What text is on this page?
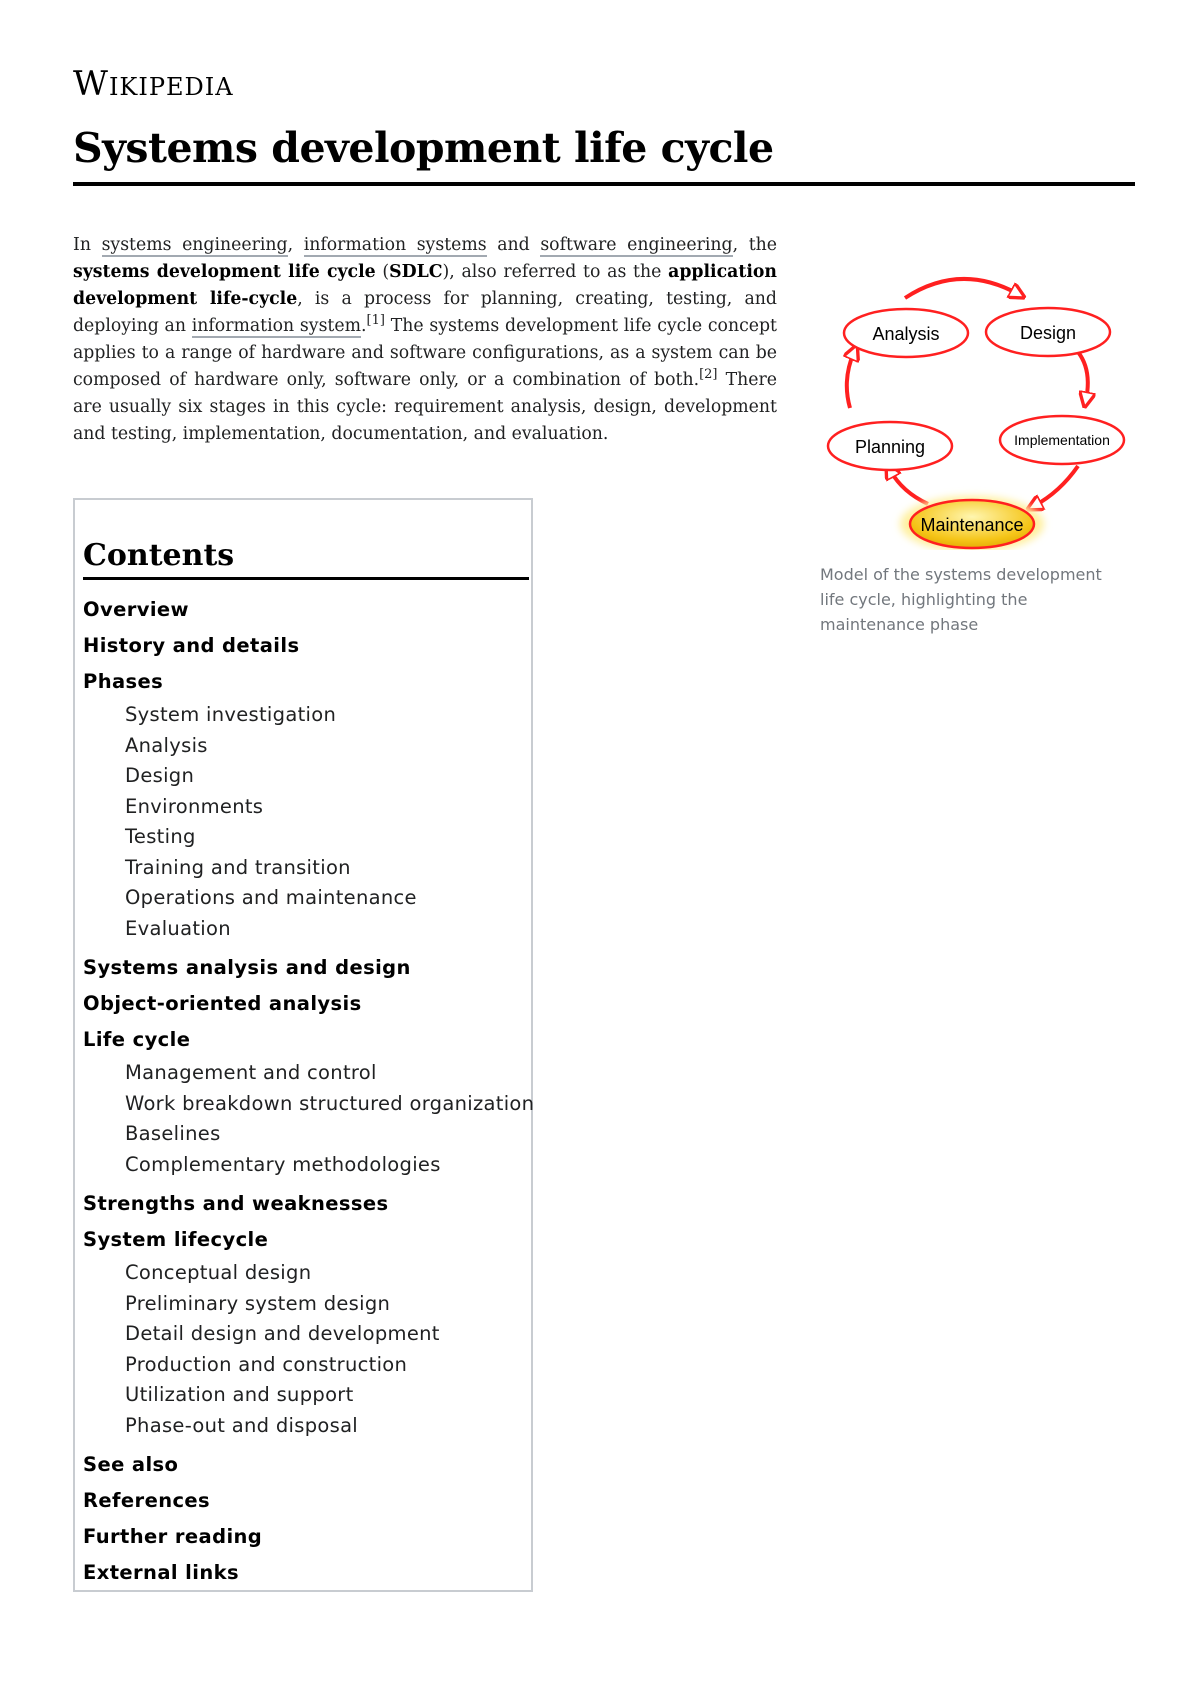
Wikipedia
Systems development life cycle

In systems engineering, information systems and software engineering, the systems development life cycle (SDLC), also referred to as the application development life-cycle, is a process for planning, creating, testing, and deploying an information system.[1] The systems development life cycle concept applies to a range of hardware and software configurations, as a system can be composed of hardware only, software only, or a combination of both.[2] There are usually six stages in this cycle: requirement analysis, design, development and testing, implementation, documentation, and evaluation.

Analysis	Design
Implementation
Maintenance
Planning

Model of the systems development life cycle, highlighting the maintenance phase

Contents
Overview
History and details
Phases
System investigation
Analysis
Design
Environments
Testing
Training and transition
Operations and maintenance
Evaluation
Systems analysis and design
Object-oriented analysis
Life cycle
Management and control
Work breakdown structured organization
Baselines
Complementary methodologies
Strengths and weaknesses
System lifecycle
Conceptual design
Preliminary system design
Detail design and development
Production and construction
Utilization and support
Phase-out and disposal
See also
References
Further reading
External links
